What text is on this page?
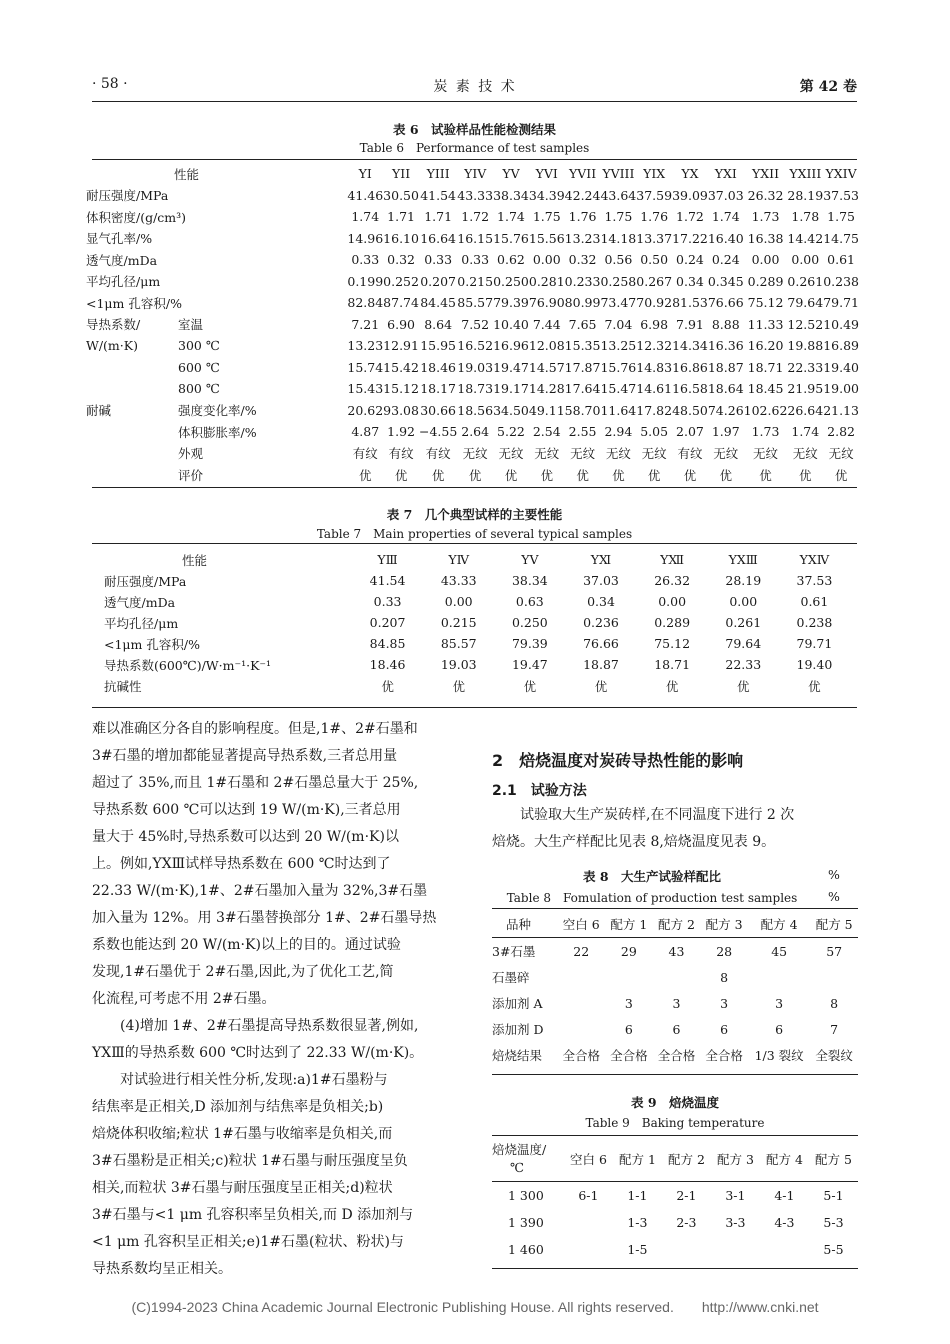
· 58 ·	炭 素 技 术	第 42 卷
表 6　试验样品性能检测结果
Table 6　Performance of test samples
性能		YI	YII	YIII	YIV	YV	YVI	YVII	YVIII	YIX	YX	YXI	YXII	YXIII	YXIV
耐压强度/MPa		41.46	30.50	41.54	43.33	38.34	34.39	42.24	43.64	37.59	39.09	37.03	26.32	28.19	37.53
体积密度/(g/cm³)		1.74	1.71	1.71	1.72	1.74	1.75	1.76	1.75	1.76	1.72	1.74	1.73	1.78	1.75
显气孔率/%		14.96	16.10	16.64	16.15	15.76	15.56	13.23	14.18	13.37	17.22	16.40	16.38	14.42	14.75
透气度/mDa		0.33	0.32	0.33	0.33	0.62	0.00	0.32	0.56	0.50	0.24	0.24	0.00	0.00	0.61
平均孔径/μm		0.199	0.252	0.207	0.215	0.250	0.281	0.233	0.258	0.267	0.34	0.345	0.289	0.261	0.238
<1μm 孔容积/%		82.84	87.74	84.45	85.57	79.39	76.90	80.99	73.47	70.92	81.53	76.66	75.12	79.64	79.71
导热系数/	室温	7.21	6.90	8.64	7.52	10.40	7.44	7.65	7.04	6.98	7.91	8.88	11.33	12.52	10.49
W/(m·K)	300 ℃	13.23	12.91	15.95	16.52	16.96	12.08	15.35	13.25	12.32	14.34	16.36	16.20	19.88	16.89
	600 ℃	15.74	15.42	18.46	19.03	19.47	14.57	17.87	15.76	14.83	16.86	18.87	18.71	22.33	19.40
	800 ℃	15.43	15.12	18.17	18.73	19.17	14.28	17.64	15.47	14.61	16.58	18.64	18.45	21.95	19.00
耐碱	强度变化率/%	20.62	93.08	30.66	18.56	34.50	49.11	58.70	11.64	17.82	48.50	74.26	102.62	26.64	21.13
	体积膨胀率/%	4.87	1.92	−4.55	2.64	5.22	2.54	2.55	2.94	5.05	2.07	1.97	1.73	1.74	2.82
	外观	有纹	有纹	有纹	无纹	无纹	无纹	无纹	无纹	无纹	有纹	无纹	无纹	无纹	无纹
	评价	优	优	优	优	优	优	优	优	优	优	优	优	优	优
表 7　几个典型试样的主要性能
Table 7　Main properties of several typical samples
性能	YⅢ	YⅣ	YⅤ	YⅪ	YⅫ	YXⅢ	YXⅣ
耐压强度/MPa	41.54	43.33	38.34	37.03	26.32	28.19	37.53
透气度/mDa	0.33	0.00	0.63	0.34	0.00	0.00	0.61
平均孔径/μm	0.207	0.215	0.250	0.236	0.289	0.261	0.238
<1μm 孔容积/%	84.85	85.57	79.39	76.66	75.12	79.64	79.71
导热系数(600℃)/W·m⁻¹·K⁻¹	18.46	19.03	19.47	18.87	18.71	22.33	19.40
抗碱性	优	优	优	优	优	优	优
难以准确区分各自的影响程度。但是,1#、2#石墨和
3#石墨的增加都能显著提高导热系数,三者总用量
超过了 35%,而且 1#石墨和 2#石墨总量大于 25%,
导热系数 600 ℃可以达到 19 W/(m·K),三者总用
量大于 45%时,导热系数可以达到 20 W/(m·K)以
上。例如,YXⅢ试样导热系数在 600 ℃时达到了
22.33 W/(m·K),1#、2#石墨加入量为 32%,3#石墨
加入量为 12%。用 3#石墨替换部分 1#、2#石墨导热
系数也能达到 20 W/(m·K)以上的目的。通过试验
发现,1#石墨优于 2#石墨,因此,为了优化工艺,简
化流程,可考虑不用 2#石墨。
(4)增加 1#、2#石墨提高导热系数很显著,例如,
YXⅢ的导热系数 600 ℃时达到了 22.33 W/(m·K)。
对试验进行相关性分析,发现:a)1#石墨粉与
结焦率是正相关,D 添加剂与结焦率是负相关;b)
焙烧体积收缩;粒状 1#石墨与收缩率是负相关,而
3#石墨粉是正相关;c)粒状 1#石墨与耐压强度呈负
相关,而粒状 3#石墨与耐压强度呈正相关;d)粒状
3#石墨与<1 μm 孔容积率呈负相关,而 D 添加剂与
<1 μm 孔容积呈正相关;e)1#石墨(粒状、粉状)与
导热系数均呈正相关。
2　焙烧温度对炭砖导热性能的影响
2.1　试验方法
试验取大生产炭砖样,在不同温度下进行 2 次
焙烧。大生产样配比见表 8,焙烧温度见表 9。
表 8　大生产试验样配比
Table 8　Fomulation of production test samples
%
%
品种	空白 6	配方 1	配方 2	配方 3	配方 4	配方 5
3#石墨	22	29	43	28	45	57
石墨碎				8		
添加剂 A		3	3	3	3	8
添加剂 D		6	6	6	6	7
焙烧结果	全合格	全合格	全合格	全合格	1/3 裂纹	全裂纹
表 9　焙烧温度
Table 9　Baking temperature
焙烧温度/
℃	空白 6	配方 1	配方 2	配方 3	配方 4	配方 5
1 300	6-1	1-1	2-1	3-1	4-1	5-1
1 390		1-3	2-3	3-3	4-3	5-3
1 460		1-5				5-5
(C)1994-2023 China Academic Journal Electronic Publishing House. All rights reserved.　　http://www.cnki.net
